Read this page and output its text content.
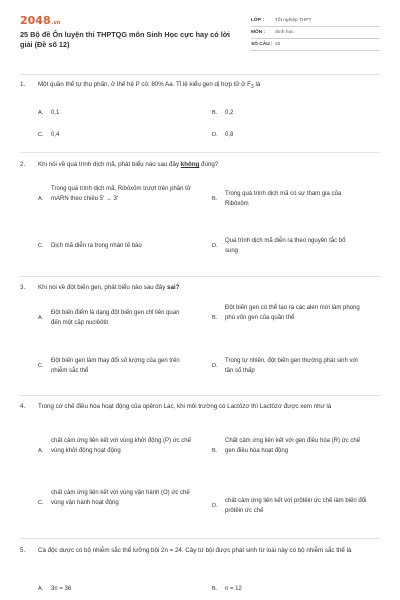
2048.vn
25 Bộ đề Ôn luyện thi THPTQG môn Sinh Học cực hay có lời giải (Đề số 12)
LỚP : Tốt nghiệp THPT
MÔN : Sinh học
SỐ CÂU : 40
1. Một quần thể tự thụ phấn, ở thế hệ P có: 80% Aa. Tỉ lệ kiểu gen dị hợp tử ở $F_3$ là
A. 0,1	B. 0,2
C. 0,4	D. 0,8
2. Khi nói về quá trình dịch mã, phát biểu nào sau đây không đúng?
A.
Trong quá trình dịch mã, Ribôxôm trượt trên phân tử mARN theo chiều 5' → 3'	B.
Trong quá trình dịch mã có sự tham gia của Ribôxôm
C. Dịch mã diễn ra trong nhân tế bào	D.
Quá trình dịch mã diễn ra theo nguyên tắc bổ sung
3. Khi nói về đột biến gen, phát biểu nào sau đây sai?
A.
Đột biến điểm là dạng đột biến gen chỉ liên quan đến một cặp nuclêôtit
B.
Đột biến gen có thể tạo ra các alen mới làm phong phú vốn gen của quần thể
C.
Đột biến gen làm thay đổi số lượng của gen trên nhiễm sắc thể
D.
Trong tự nhiên, đột biến gen thường phát sinh với tần số thấp
4. Trong cơ chế điều hòa hoạt động của opêron Lac, khi môi trường có Lactôzơ thì Lactôzơ được xem như là
A.
chất cảm ứng liên kết với vùng khởi động (P) ức chế vùng khởi động hoạt động	B.
Chất cảm ứng liên kết với gen điều hòa (R) ức chế gen điều hòa hoạt động
C.
chất cảm ứng liên kết với vùng vận hành (O) ức chế vùng vận hành hoạt động
D.
chất cảm ứng liên kết với prôtêin ức chế làm biến đổi prôtêin ức chế
5. Cà độc dược có bộ nhiễm sắc thể lưỡng bội 2n = 24. Cây tứ bội được phát sinh từ loài này có bộ nhiễm sắc thể là
A. 3n = 36	B. n = 12
